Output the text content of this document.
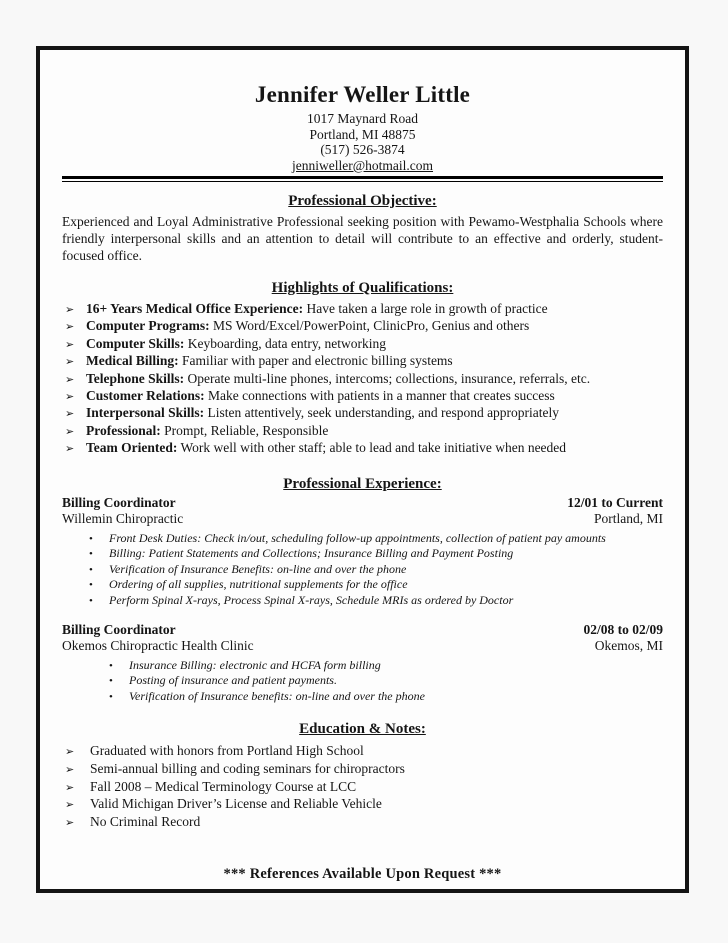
Jennifer Weller Little
1017 Maynard Road
Portland, MI 48875
(517) 526-3874
jenniweller@hotmail.com
Professional Objective:

Experienced and Loyal Administrative Professional seeking position with Pewamo-Westphalia Schools where friendly interpersonal skills and an attention to detail will contribute to an effective and orderly, student-focused office.

Highlights of Qualifications:
➢ 16+ Years Medical Office Experience: Have taken a large role in growth of practice
➢ Computer Programs: MS Word/Excel/PowerPoint, ClinicPro, Genius and others
➢ Computer Skills: Keyboarding, data entry, networking
➢ Medical Billing: Familiar with paper and electronic billing systems
➢ Telephone Skills: Operate multi-line phones, intercoms; collections, insurance, referrals, etc.
➢ Customer Relations: Make connections with patients in a manner that creates success
➢ Interpersonal Skills: Listen attentively, seek understanding, and respond appropriately
➢ Professional: Prompt, Reliable, Responsible
➢ Team Oriented: Work well with other staff; able to lead and take initiative when needed
Professional Experience:
Billing Coordinator	12/01 to Current
Willemin Chiropractic	Portland, MI
•	Front Desk Duties: Check in/out, scheduling follow-up appointments, collection of patient pay amounts
•	Billing: Patient Statements and Collections; Insurance Billing and Payment Posting
•	Verification of Insurance Benefits: on-line and over the phone
•	Ordering of all supplies, nutritional supplements for the office
•	Perform Spinal X-rays, Process Spinal X-rays, Schedule MRIs as ordered by Doctor
Billing Coordinator	02/08 to 02/09
Okemos Chiropractic Health Clinic	Okemos, MI
•	Insurance Billing: electronic and HCFA form billing
•	Posting of insurance and patient payments.
•	Verification of Insurance benefits: on-line and over the phone
Education & Notes:
➢	Graduated with honors from Portland High School
➢	Semi-annual billing and coding seminars for chiropractors
➢	Fall 2008 – Medical Terminology Course at LCC
➢	Valid Michigan Driver’s License and Reliable Vehicle
➢	No Criminal Record
*** References Available Upon Request ***
